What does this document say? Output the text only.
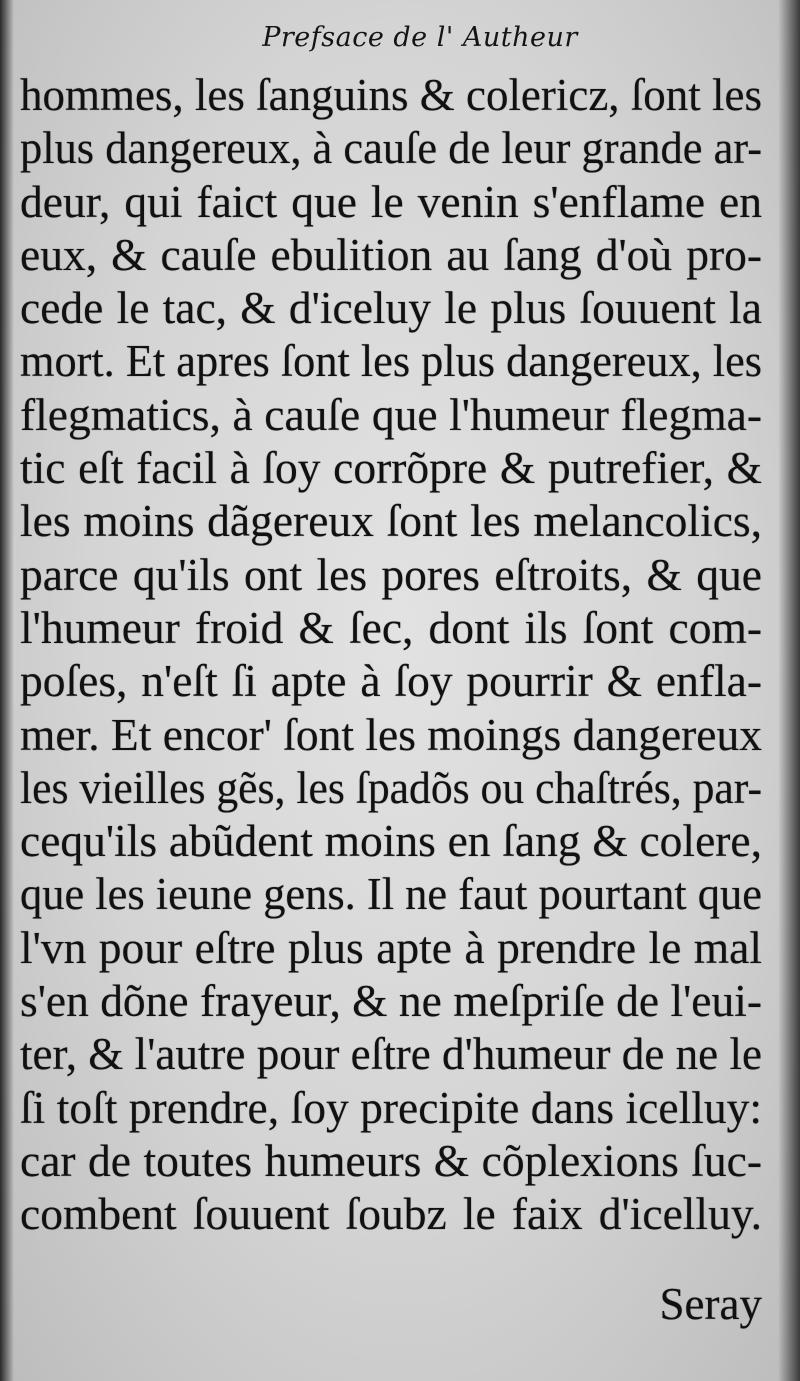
Prefsace de l' Autheur
hommes, les ſanguins & colericz, ſont les
plus dangereux, à cauſe de leur grande ar-
deur, qui faict que le venin s'enflame en
eux, & cauſe ebulition au ſang d'où pro-
cede le tac, & d'iceluy le plus ſouuent la
mort. Et apres ſont les plus dangereux, les
flegmatics, à cauſe que l'humeur flegma-
tic eſt facil à ſoy corrõpre & putrefier, &
les moins dãgereux ſont les melancolics,
parce qu'ils ont les pores eſtroits, & que
l'humeur froid & ſec, dont ils ſont com-
poſes, n'eſt ſi apte à ſoy pourrir & enfla-
mer. Et encor' ſont les moings dangereux
les vieilles gẽs, les ſpadõs ou chaſtrés, par-
cequ'ils abũdent moins en ſang & colere,
que les ieune gens. Il ne faut pourtant que
l'vn pour eſtre plus apte à prendre le mal
s'en dõne frayeur, & ne meſpriſe de l'eui-
ter, & l'autre pour eſtre d'humeur de ne le
ſi toſt prendre, ſoy precipite dans icelluy:
car de toutes humeurs & cõplexions ſuc-
combent ſouuent ſoubz le faix d'icelluy.
Seray
